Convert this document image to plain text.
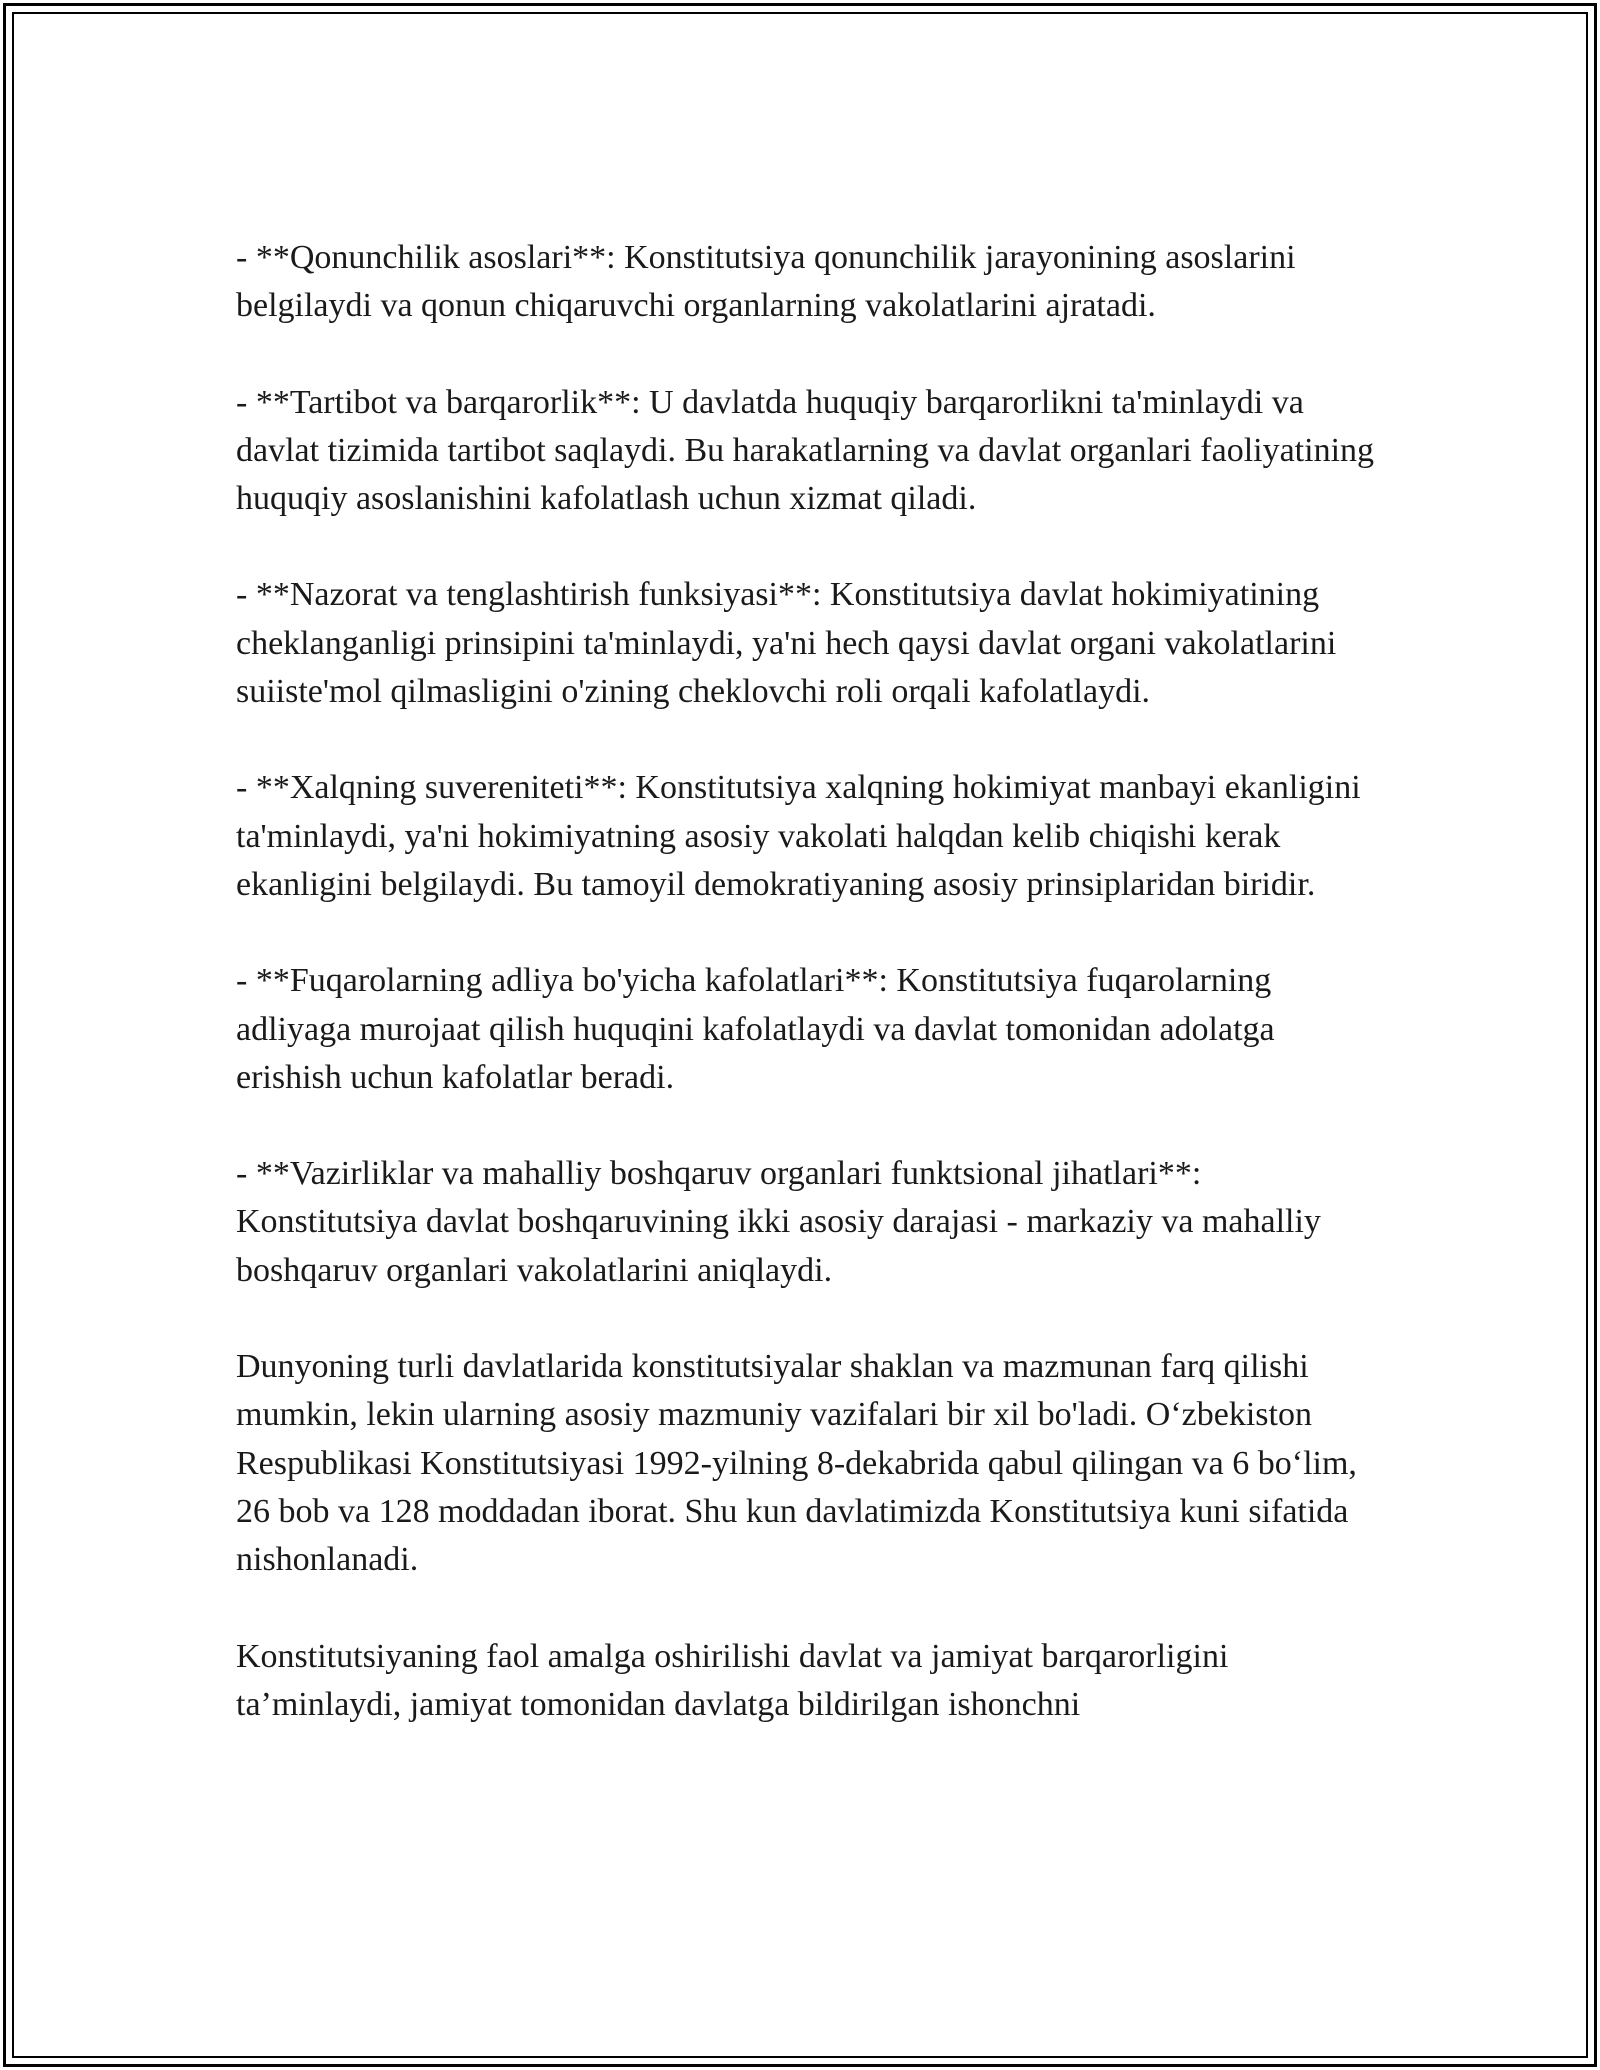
- **Qonunchilik asoslari**: Konstitutsiya qonunchilik jarayonining asoslarini belgilaydi va qonun chiqaruvchi organlarning vakolatlarini ajratadi.

- **Tartibot va barqarorlik**: U davlatda huquqiy barqarorlikni ta'minlaydi va davlat tizimida tartibot saqlaydi. Bu harakatlarning va davlat organlari faoliyatining huquqiy asoslanishini kafolatlash uchun xizmat qiladi.

- **Nazorat va tenglashtirish funksiyasi**: Konstitutsiya davlat hokimiyatining cheklanganligi prinsipini ta'minlaydi, ya'ni hech qaysi davlat organi vakolatlarini suiiste'mol qilmasligini o'zining cheklovchi roli orqali kafolatlaydi.

- **Xalqning suvereniteti**: Konstitutsiya xalqning hokimiyat manbayi ekanligini ta'minlaydi, ya'ni hokimiyatning asosiy vakolati halqdan kelib chiqishi kerak ekanligini belgilaydi. Bu tamoyil demokratiyaning asosiy prinsiplaridan biridir.

- **Fuqarolarning adliya bo'yicha kafolatlari**: Konstitutsiya fuqarolarning adliyaga murojaat qilish huquqini kafolatlaydi va davlat tomonidan adolatga erishish uchun kafolatlar beradi.

- **Vazirliklar va mahalliy boshqaruv organlari funktsional jihatlari**: Konstitutsiya davlat boshqaruvining ikki asosiy darajasi - markaziy va mahalliy boshqaruv organlari vakolatlarini aniqlaydi.

Dunyoning turli davlatlarida konstitutsiyalar shaklan va mazmunan farq qilishi mumkin, lekin ularning asosiy mazmuniy vazifalari bir xil bo'ladi. O‘zbekiston Respublikasi Konstitutsiyasi 1992-yilning 8-dekabrida qabul qilingan va 6 bo‘lim, 26 bob va 128 moddadan iborat. Shu kun davlatimizda Konstitutsiya kuni sifatida nishonlanadi.

Konstitutsiyaning faol amalga oshirilishi davlat va jamiyat barqarorligini ta’minlaydi, jamiyat tomonidan davlatga bildirilgan ishonchni
